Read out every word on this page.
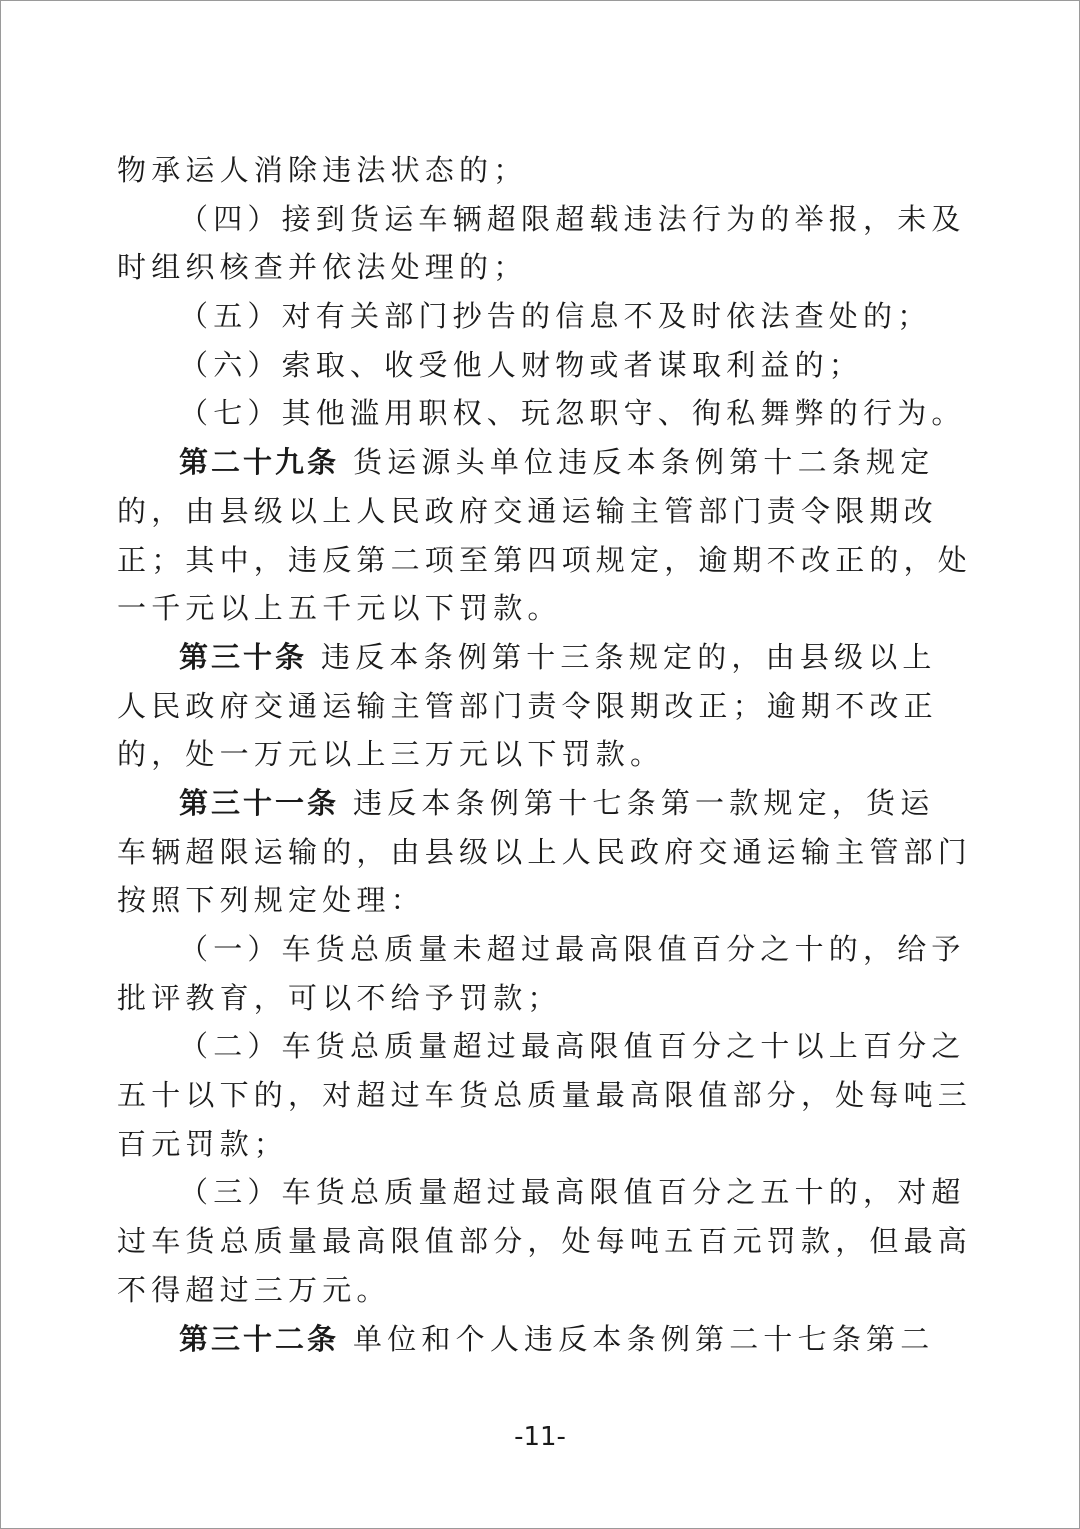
物承运人消除违法状态的；
（四）接到货运车辆超限超载违法行为的举报，未及
时组织核查并依法处理的；
（五）对有关部门抄告的信息不及时依法查处的；
（六）索取、收受他人财物或者谋取利益的；
（七）其他滥用职权、玩忽职守、徇私舞弊的行为。
第二十九条 货运源头单位违反本条例第十二条规定
的，由县级以上人民政府交通运输主管部门责令限期改
正；其中，违反第二项至第四项规定，逾期不改正的，处
一千元以上五千元以下罚款。
第三十条 违反本条例第十三条规定的，由县级以上
人民政府交通运输主管部门责令限期改正；逾期不改正
的，处一万元以上三万元以下罚款。
第三十一条 违反本条例第十七条第一款规定，货运
车辆超限运输的，由县级以上人民政府交通运输主管部门
按照下列规定处理：
（一）车货总质量未超过最高限值百分之十的，给予
批评教育，可以不给予罚款；
（二）车货总质量超过最高限值百分之十以上百分之
五十以下的，对超过车货总质量最高限值部分，处每吨三
百元罚款；
（三）车货总质量超过最高限值百分之五十的，对超
过车货总质量最高限值部分，处每吨五百元罚款，但最高
不得超过三万元。
第三十二条 单位和个人违反本条例第二十七条第二
-11-
